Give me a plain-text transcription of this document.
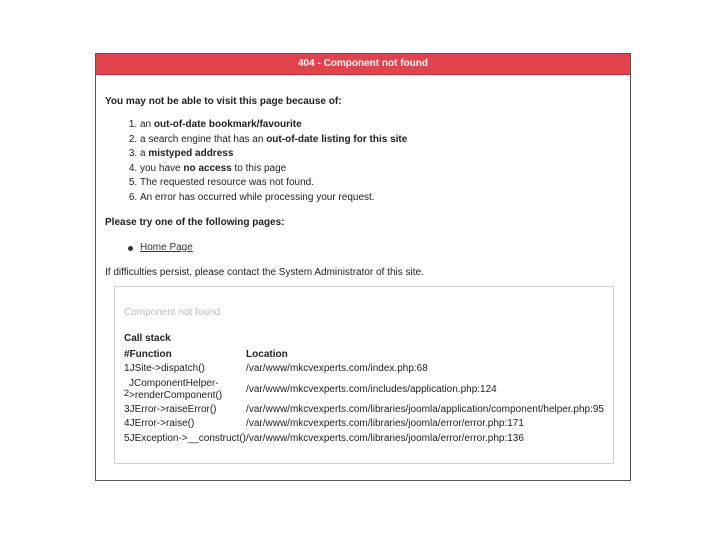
404 - Component not found

You may not be able to visit this page because of:

1. an out-of-date bookmark/favourite
2. a search engine that has an out-of-date listing for this site
3. a mistyped address
4. you have no access to this page
5. The requested resource was not found.
6. An error has occurred while processing your request.

Please try one of the following pages:

Home Page

If difficulties persist, please contact the System Administrator of this site.

Component not found
Call stack
#Function	Location
1JSite->dispatch()	/var/www/mkcvexperts.com/index.php:68
2JComponentHelper-
>renderComponent()	/var/www/mkcvexperts.com/includes/application.php:124
3JError->raiseError()	/var/www/mkcvexperts.com/libraries/joomla/application/component/helper.php:95
4JError->raise()	/var/www/mkcvexperts.com/libraries/joomla/error/error.php:171
5JException->__construct()	/var/www/mkcvexperts.com/libraries/joomla/error/error.php:136
